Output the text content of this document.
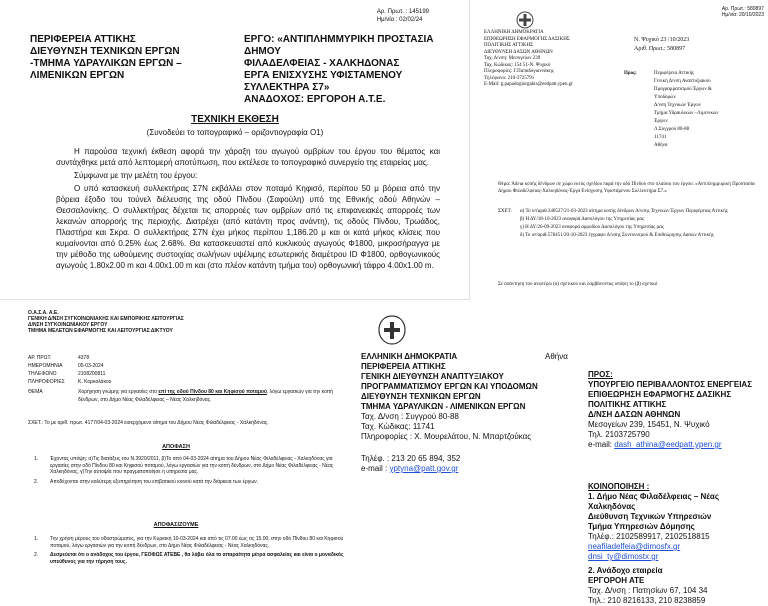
Αρ. Πρωτ. : 145199
Ημ/νία : 02/02/24
ΠΕΡΙΦΕΡΕΙΑ ΑΤΤΙΚΗΣ
ΔΙΕΥΘΥΝΣΗ ΤΕΧΝΙΚΩΝ ΕΡΓΩΝ
-ΤΜΗΜΑ ΥΔΡΑΥΛΙΚΩΝ ΕΡΓΩΝ –
ΛΙΜΕΝΙΚΩΝ ΕΡΓΩΝ
ΕΡΓΟ: «ΑΝΤΙΠΛΗΜΜΥΡΙΚΗ ΠΡΟΣΤΑΣΙΑ ΔΗΜΟΥ
ΦΙΛΑΔΕΛΦΕΙΑΣ - ΧΑΛΚΗΔΟΝΑΣ
ΕΡΓΑ ΕΝΙΣΧΥΣΗΣ ΥΦΙΣΤΑΜΕΝΟΥ ΣΥΛΛΕΚΤΗΡΑ Σ7»
ΑΝΑΔΟΧΟΣ: ΕΡΓΟΡΟΗ Α.Τ.Ε.
ΤΕΧΝΙΚΗ ΕΚΘΕΣΗ
(Συνοδεύει το τοπογραφικό – οριζοντιογραφία Ο1)

Η παρούσα τεχνική έκθεση αφορά την χάραξη του αγωγού ομβρίων του έργου του θέματος και συντάχθηκε μετά από λεπτομερή αποτύπωση, που εκτέλεσε το τοπογραφικό συνεργείο της εταιρείας μας.

Σύμφωνα με την μελέτη του έργου:

Ο υπό κατασκευή συλλεκτήρας Σ7Ν εκβάλλει στον ποταμό Κηφισό, περίπου 50 μ βόρεια από την βόρεια έξοδο του τούνελ διέλευσης της οδού Πίνδου (Σαφούλη) υπό της Εθνικής οδού Αθηνών – Θεσσαλονίκης. Ο συλλεκτήρας δέχεται τις απορροές των ομβρίων από τις επιφανειακές απορροές των λεκανών απορροής της περιοχής. Διατρέχει (από κατάντη προς ανάντη), τις οδούς Πίνδου, Τρωάδος, Πλαστήρα και Σκρα. Ο συλλεκτήρας Σ7Ν έχει μήκος περίπου 1,186.20 μ και οι κατά μήκος κλίσεις που κυμαίνονται από 0.25% έως 2.68%. Θα κατασκευαστεί από κυκλικούς αγωγούς Φ1800, μικροσήραγγα με την μέθοδο της ωθούμενης συστοιχίας σωλήνων υψέλιμης εσωτερικής διαμέτρου ID Φ1800, ορθογωνικούς αγωγούς 1.80x2.00 m και 4.00x1.00 m και (στο πλέον κατάντη τμήμα του) ορθογωνική τάφρο 4.00x1.00 m.

Αρ. Πρωτ.: 580897
Ημ/νία: 20/10/2023
ΕΛΛΗΝΙΚΗ ΔΗΜΟΚΡΑΤΙΑ
ΕΠΙΘΕΩΡΗΣΗ ΕΦΑΡΜΟΓΗΣ ΔΑΣΙΚΗΣ
ΠΟΛΙΤΙΚΗΣ ΑΤΤΙΚΗΣ
ΔΙΕΥΘΥΝΣΗ ΔΑΣΩΝ ΑΘΗΝΩΝ
Ταχ. Δ/νση: Μεσογείων 239
Ταχ. Κώδικας: 154 51-Ν. Ψυχικό
Πληροφορίες: Γ.Παπαδογιαννάκης
Τηλέφωνο: 210-3725791
E-Mail: g.papadogiorgakis@eedpatt.ypen.gr
Ν. Ψυχικό 23 /10/2023
Αριθ. Πρωτ.: 580897
Προς:	Περιφέρεια Αττικής
Γενική Δ/νση Αναπτυξιακού
Προγραμματισμού Έργων &
Υποδομών
Δ/νση Τεχνικών Έργων
Τμήμα Υδραυλικών –Λιμενικών
Έργων
Λ.Συγγρού 80-88
11741
Αθήνα
Θέμα: Άδεια κοπής δένδρων σε χώρο εκτός σχεδίου παρά την οδό Πίνδου στο πλαίσιο του έργου: «Αντιπλημμυρική Προστασία Δήμου Φιλαδέλφειας-Χαλκηδόνας-Έργα Ενίσχυσης Υφιστάμενου Συλλεκτήρα Σ7.»
ΣΧΕΤ:	α) Το υπ'αριθ.340527/21-03-2023 αίτημα κοπής δένδρων Δ/νσης Τεχνικών Έργων Περιφέρειας Αττικής
β) Η ΔΥ/18-10-2023 αναφορά Δασολόγου της Υπηρεσίας μας
γ) Η ΔΥ/26-09-2023 αναφορά αρμοδίου Δασολόγου της Υπηρεσίας μας
δ) Το υπ'αριθ.578451/20-10-2023 έγγραφο Δ/νσης Συντονισμού & Επιθεώρησης Δασών Αττικής
Σε απάντηση του ανωτέρω (α) σχετικού και λαμβάνοντας υπόψη το (β) σχετικό
Ο.Α.Σ.Α. Α.Ε.
ΓΕΝΙΚΗ Δ/ΝΣΗ ΣΥΓΚΟΙΝΩΝΙΑΚΗΣ ΚΑΙ ΕΜΠΟΡΙΚΗΣ ΛΕΙΤΟΥΡΓΙΑΣ
Δ/ΝΣΗ ΣΥΓΚΟΙΝΩΝΙΑΚΟΥ ΕΡΓΟΥ
ΤΜΗΜΑ ΜΕΛΕΤΩΝ ΕΦΑΡΜΟΓΗΣ ΚΑΙ ΛΕΙΤΟΥΡΓΙΑΣ ΔΙΚΤΥΟΥ
ΑΡ. ΠΡΩΤ.	4378
ΗΜΕΡΟΜΗΝΙΑ	05-03-2024
ΤΗΛΕΦΩΝΟ	2108200811
ΠΛΗΡΟΦΟΡΙΕΣ	Κ. Κορκολάκου
ΘΕΜΑ	Χορήγηση γνώμης για εργασίες στο επί της οδού Πίνδου 80 και Κηφισού ποταμού, λόγω εργασιών για την κοπή δένδρων, στο Δήμο Νέας Φιλαδέλφειας – Νέας Χαλκηδόνας.
ΣΧΕΤ.: Το με αριθ. πρωτ. 4177/04-03-2024 εισερχόμενο αίτημα του Δήμου Νέας Φιλαδέλφειας - Χαλκηδόνας.
ΑΠΟΦΑΣΗ
1.	Έχοντας υπόψη: α)Τις διατάξεις του Ν.3920/2011, β)Το από 04-03-2024 αίτημα του Δήμου Νέας Φιλαδέλφειας - Χαλκηδόνας για εργασίες στην οδό Πίνδου 80 και Κηφισού ποταμού, λόγω εργασιών για την κοπή δένδρων, στο Δήμο Νέας Φιλαδέλφειας - Νέας Χαλκηδόνας, γ)Την αυτοψία που πραγματοποίησε η υπηρεσία μας.
2.	Αποδέχονται στην καλύτερη εξυπηρέτηση του επιβατικού κοινού κατά την διάρκεια των έργων.
ΑΠΟΦΑΣΙΖΟΥΜΕ
1.	Την χρήση μέρους του οδοστρώματος, για την Κυριακή 10-03-2024 και από τις 07.00 έως τις 15.00, στην οδό Πίνδου 80 και Κηφισού ποταμού, λόγω εργασιών για την κοπή δένδρων, στο Δήμο Νέας Φιλαδέλφειας - Νέας Χαλκηδόνας.
2.	Δεσμεύεται ότι ο ανάδοχος του έργου, ΓΕΟΦΩΣ ΑΤΕΒΕ , θα λάβει όλα τα απαραίτητα μέτρα ασφαλείας και είναι ο μοναδικός υπεύθυνος για την τήρηση τους.
ΕΛΛΗΝΙΚΗ ΔΗΜΟΚΡΑΤΙΑ
ΠΕΡΙΦΕΡΕΙΑ ΑΤΤΙΚΗΣ
ΓΕΝΙΚΗ ΔΙΕΥΘΥΝΣΗ ΑΝΑΠΤΥΞΙΑΚΟΥ
ΠΡΟΓΡΑΜΜΑΤΙΣΜΟΥ ΕΡΓΩΝ ΚΑΙ ΥΠΟΔΟΜΩΝ
ΔΙΕΥΘΥΝΣΗ ΤΕΧΝΙΚΩΝ ΕΡΓΩΝ
ΤΜΗΜΑ ΥΔΡΑΥΛΙΚΩΝ - ΛΙΜΕΝΙΚΩΝ ΕΡΓΩΝ
Αθήνα
Ταχ. Δ/νση : Συγγρού 80-88
Ταχ. Κώδικας: 11741
Πληροφορίες : Χ. Μουρελάτου, Ν. Μπαρτζούκας
Τηλέφ. : 213 20 65 894, 352
e-mail : yptyna@patt.gov.gr
ΠΡΟΣ:
ΥΠΟΥΡΓΕΙΟ ΠΕΡΙΒΑΛΛΟΝΤΟΣ ΕΝΕΡΓΕΙΑΣ
ΕΠΙΘΕΩΡΗΣΗ ΕΦΑΡΜΟΓΗΣ ΔΑΣΙΚΗΣ
ΠΟΛΙΤΙΚΗΣ ΑΤΤΙΚΗΣ
Δ/ΝΣΗ ΔΑΣΩΝ ΑΘΗΝΩΝ
Μεσογείων 239, 15451, Ν. Ψυχικό
Τηλ. 2103725790
e-mail: dash_athina@eedpatt.ypen.gr
ΚΟΙΝΟΠΟΙΗΣΗ :
1. Δήμο Νέας Φιλαδέλφειας – Νέας Χαλκηδόνας
Διεύθυνση Τεχνικών Υπηρεσιών
Τμήμα Υπηρεσιών Δόμησης
Τηλέφ.: 2102589917, 2102518815
neafiladelfeia@dimosfx.gr
dnsi_ty@dimostx.gr
2. Ανάδοχο εταιρεία
ΕΡΓΟΡΟΗ ΑΤΕ
Ταχ. Δ/νση : Πατησίων 67, 104 34
Τηλ.: 210 8216133, 210 8238859
